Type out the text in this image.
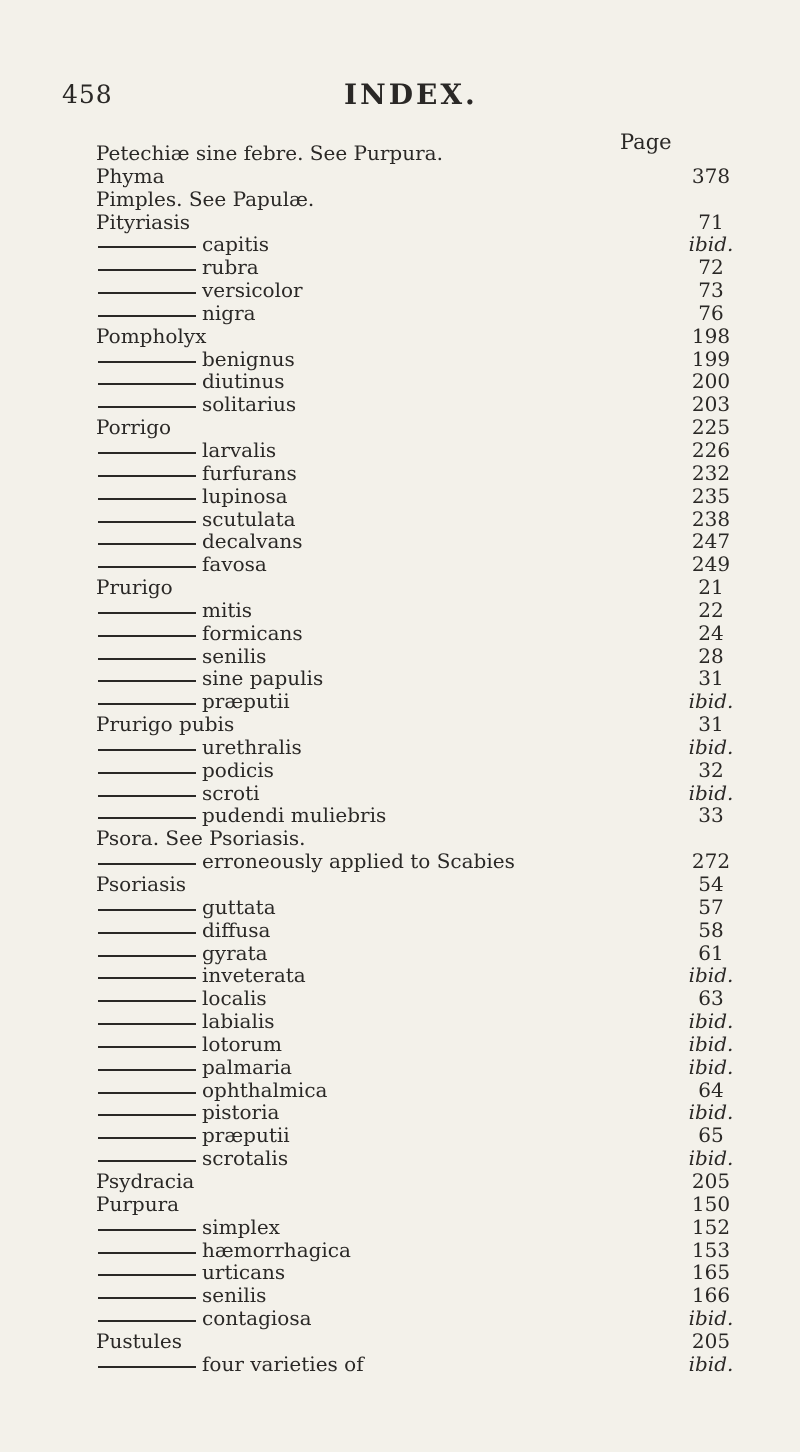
458	INDEX.
Page
Petechiæ sine febre. See Purpura.
Phyma	378
Pimples. See Papulæ.
Pityriasis	71
capitis	ibid.
rubra	72
versicolor	73
nigra	76
Pompholyx	198
benignus	199
diutinus	200
solitarius	203
Porrigo	225
larvalis	226
furfurans	232
lupinosa	235
scutulata	238
decalvans	247
favosa	249
Prurigo	21
mitis	22
formicans	24
senilis	28
sine papulis	31
præputii	ibid.
Prurigo pubis	31
urethralis	ibid.
podicis	32
scroti	ibid.
pudendi muliebris	33
Psora. See Psoriasis.
erroneously applied to Scabies	272
Psoriasis	54
guttata	57
diffusa	58
gyrata	61
inveterata	ibid.
localis	63
labialis	ibid.
lotorum	ibid.
palmaria	ibid.
ophthalmica	64
pistoria	ibid.
præputii	65
scrotalis	ibid.
Psydracia	205
Purpura	150
simplex	152
hæmorrhagica	153
urticans	165
senilis	166
contagiosa	ibid.
Pustules	205
four varieties of	ibid.
